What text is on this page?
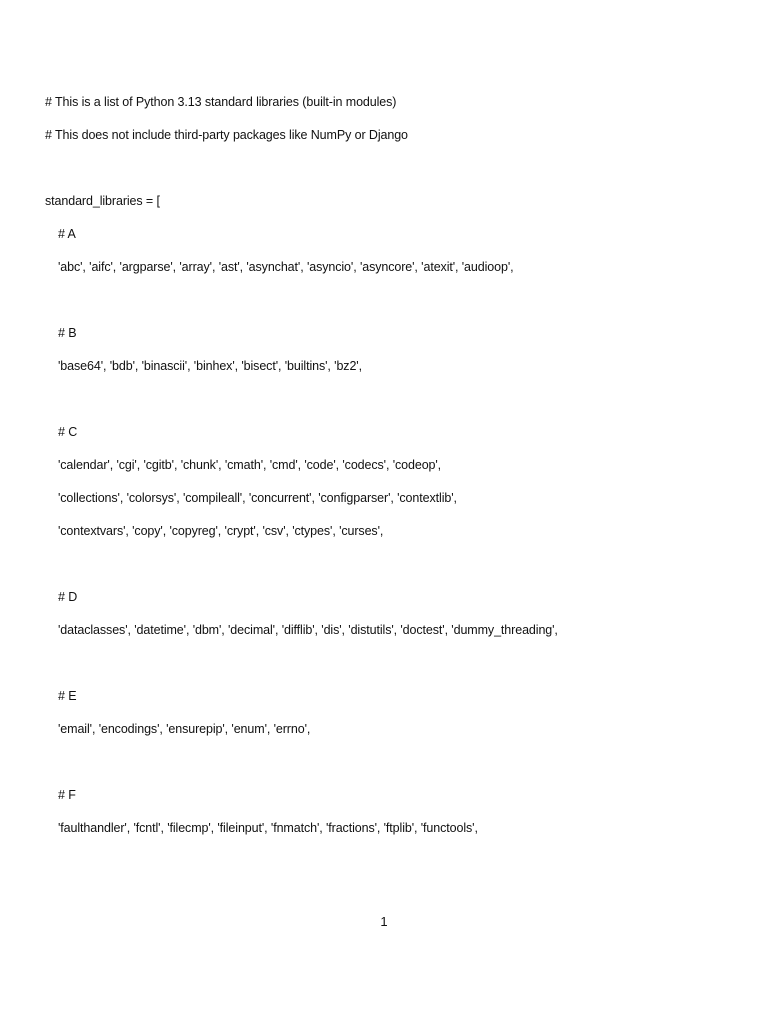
# This is a list of Python 3.13 standard libraries (built-in modules)
# This does not include third-party packages like NumPy or Django
standard_libraries = [
# A
'abc', 'aifc', 'argparse', 'array', 'ast', 'asynchat', 'asyncio', 'asyncore', 'atexit', 'audioop',
# B
'base64', 'bdb', 'binascii', 'binhex', 'bisect', 'builtins', 'bz2',
# C
'calendar', 'cgi', 'cgitb', 'chunk', 'cmath', 'cmd', 'code', 'codecs', 'codeop',
'collections', 'colorsys', 'compileall', 'concurrent', 'configparser', 'contextlib',
'contextvars', 'copy', 'copyreg', 'crypt', 'csv', 'ctypes', 'curses',
# D
'dataclasses', 'datetime', 'dbm', 'decimal', 'difflib', 'dis', 'distutils', 'doctest', 'dummy_threading',
# E
'email', 'encodings', 'ensurepip', 'enum', 'errno',
# F
'faulthandler', 'fcntl', 'filecmp', 'fileinput', 'fnmatch', 'fractions', 'ftplib', 'functools',
1
